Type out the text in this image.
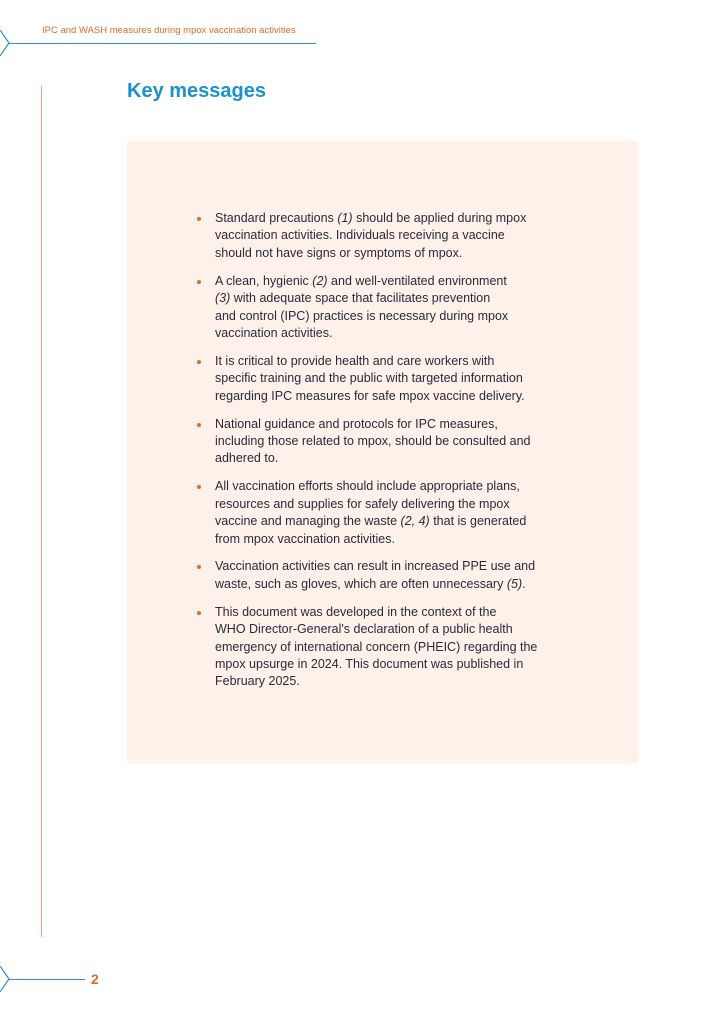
IPC and WASH measures during mpox vaccination activities
Key messages
Standard precautions (1) should be applied during mpox
vaccination activities. Individuals receiving a vaccine
should not have signs or symptoms of mpox.
A clean, hygienic (2) and well-ventilated environment
(3) with adequate space that facilitates prevention
and control (IPC) practices is necessary during mpox
vaccination activities.
It is critical to provide health and care workers with
specific training and the public with targeted information
regarding IPC measures for safe mpox vaccine delivery.
National guidance and protocols for IPC measures,
including those related to mpox, should be consulted and
adhered to.
All vaccination efforts should include appropriate plans,
resources and supplies for safely delivering the mpox
vaccine and managing the waste (2, 4) that is generated
from mpox vaccination activities.
Vaccination activities can result in increased PPE use and
waste, such as gloves, which are often unnecessary (5).
This document was developed in the context of the
WHO Director-General's declaration of a public health
emergency of international concern (PHEIC) regarding the
mpox upsurge in 2024. This document was published in
February 2025.
2
